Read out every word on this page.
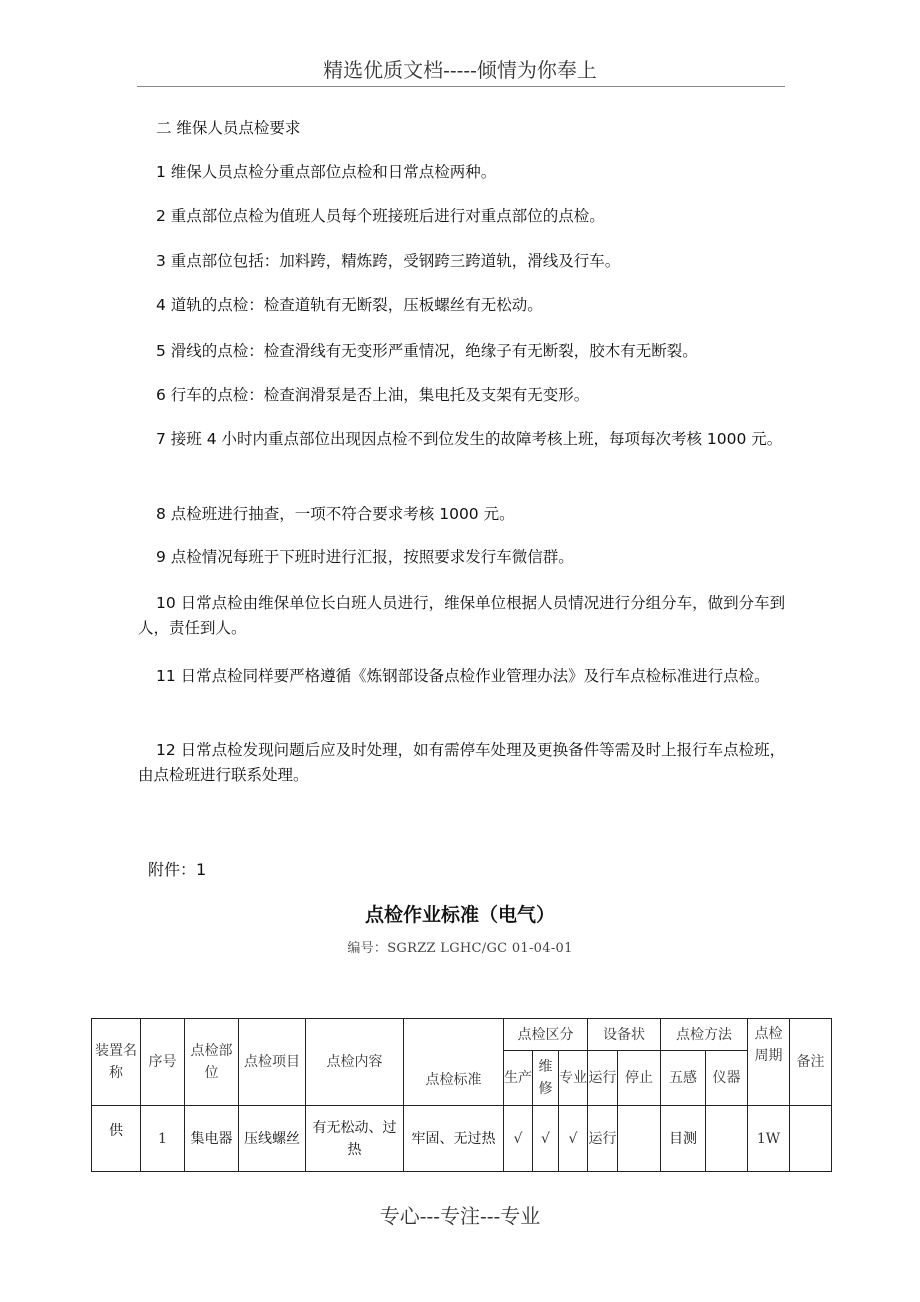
精选优质文档-----倾情为你奉上
二 维保人员点检要求
1 维保人员点检分重点部位点检和日常点检两种。
2 重点部位点检为值班人员每个班接班后进行对重点部位的点检。
3 重点部位包括：加料跨，精炼跨，受钢跨三跨道轨，滑线及行车。
4 道轨的点检：检查道轨有无断裂，压板螺丝有无松动。
5 滑线的点检：检查滑线有无变形严重情况，绝缘子有无断裂，胶木有无断裂。
6 行车的点检：检查润滑泵是否上油，集电托及支架有无变形。
7 接班 4 小时内重点部位出现因点检不到位发生的故障考核上班，每项每次考核 1000 元。
8 点检班进行抽查，一项不符合要求考核 1000 元。
9 点检情况每班于下班时进行汇报，按照要求发行车微信群。
10 日常点检由维保单位长白班人员进行，维保单位根据人员情况进行分组分车，做到分车到人，责任到人。
11 日常点检同样要严格遵循《炼钢部设备点检作业管理办法》及行车点检标准进行点检。
12 日常点检发现问题后应及时处理，如有需停车处理及更换备件等需及时上报行车点检班，由点检班进行联系处理。
附件：1
点检作业标准（电气）
编号：SGRZZ LGHC/GC 01-04-01
装置名称	序号	点检部位	点检项目	点检内容	点检标准	点检区分			设备状		点检方法		点检周期	备注
						生产	维修	专业	运行	停止	五感	仪器		
供	1	集电器	压线螺丝	有无松动、过热	牢固、无过热	√	√	√	运行		目测		1W	
专心---专注---专业
